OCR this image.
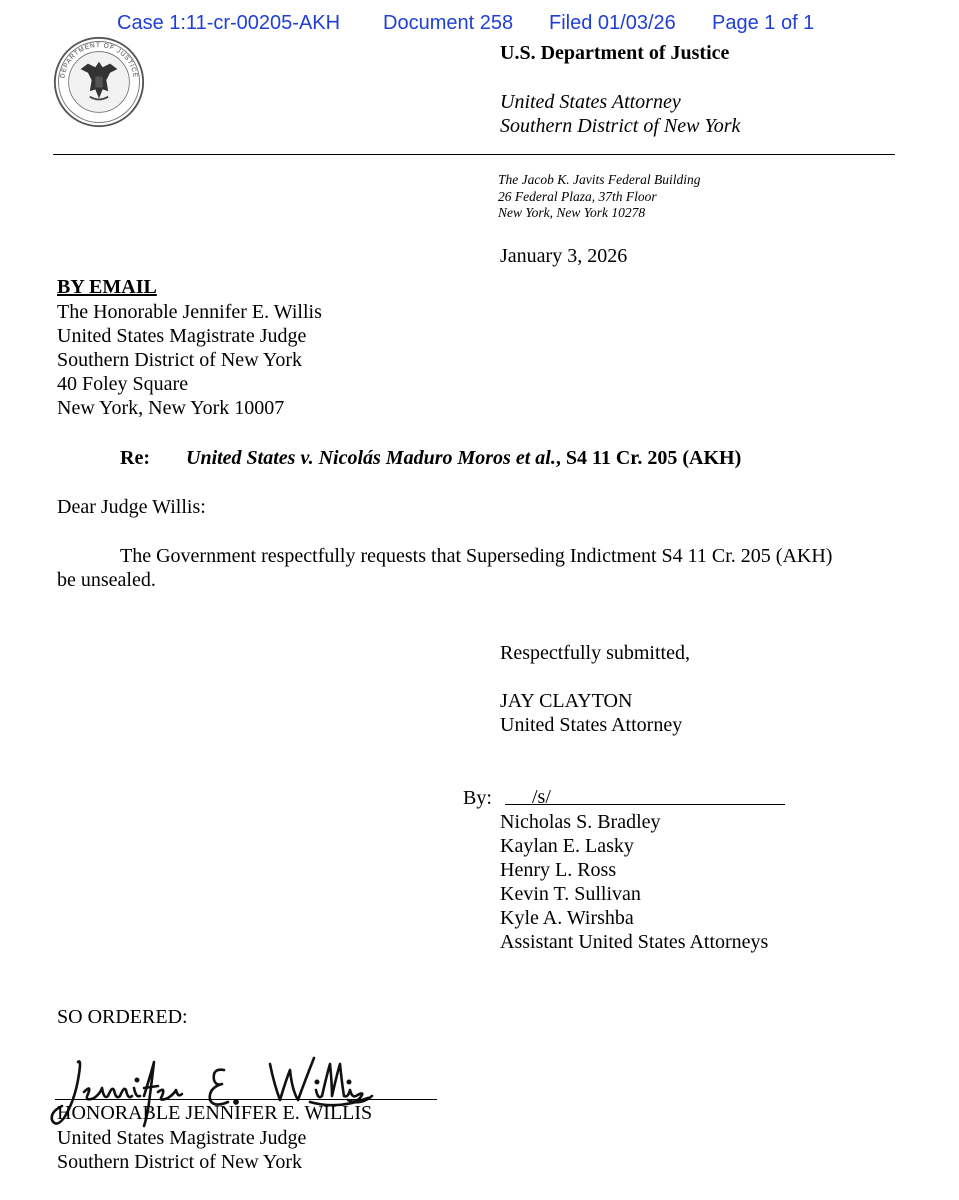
Case 1:11-cr-00205-AKH Document 258 Filed 01/03/26 Page 1 of 1
DEPARTMENT OF JUSTICE
U.S. Department of Justice
United States Attorney
Southern District of New York
The Jacob K. Javits Federal Building
26 Federal Plaza, 37th Floor
New York, New York 10278
January 3, 2026
BY EMAIL
The Honorable Jennifer E. Willis
United States Magistrate Judge
Southern District of New York
40 Foley Square
New York, New York 10007
Re: United States v. Nicolás Maduro Moros et al., S4 11 Cr. 205 (AKH)
Dear Judge Willis:
The Government respectfully requests that Superseding Indictment S4 11 Cr. 205 (AKH)
be unsealed.
Respectfully submitted,
JAY CLAYTON
United States Attorney
By: /s/
Nicholas S. Bradley
Kaylan E. Lasky
Henry L. Ross
Kevin T. Sullivan
Kyle A. Wirshba
Assistant United States Attorneys
SO ORDERED:
Jennifer E. Willis
HONORABLE JENNIFER E. WILLIS
United States Magistrate Judge
Southern District of New York
